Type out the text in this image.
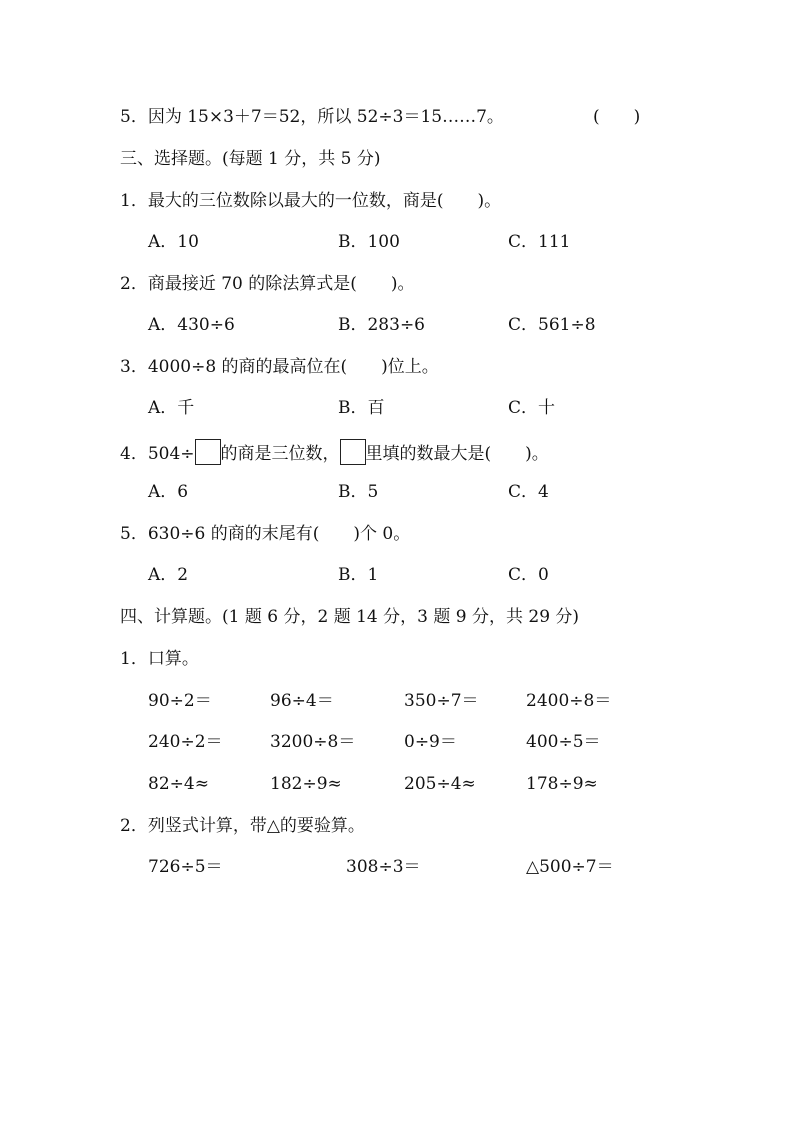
5．因为 15×3＋7＝52，所以 52÷3＝15……7。	(　　)
三、选择题。(每题 1 分，共 5 分)
1．最大的三位数除以最大的一位数，商是(　　)。
A．10	B．100	C．111
2．商最接近 70 的除法算式是(　　)。
A．430÷6	B．283÷6	C．561÷8
3．4000÷8 的商的最高位在(　　)位上。
A．千	B．百	C．十
4．504÷ 的商是三位数， 里填的数最大是(　　)。
A．6	B．5	C．4
5．630÷6 的商的末尾有(　　)个 0。
A．2	B．1	C．0
四、计算题。(1 题 6 分，2 题 14 分，3 题 9 分，共 29 分)
1．口算。
90÷2＝	96÷4＝	350÷7＝	2400÷8＝
240÷2＝	3200÷8＝	0÷9＝	400÷5＝
82÷4≈	182÷9≈	205÷4≈	178÷9≈
2．列竖式计算，带△的要验算。
726÷5＝	308÷3＝	△500÷7＝
